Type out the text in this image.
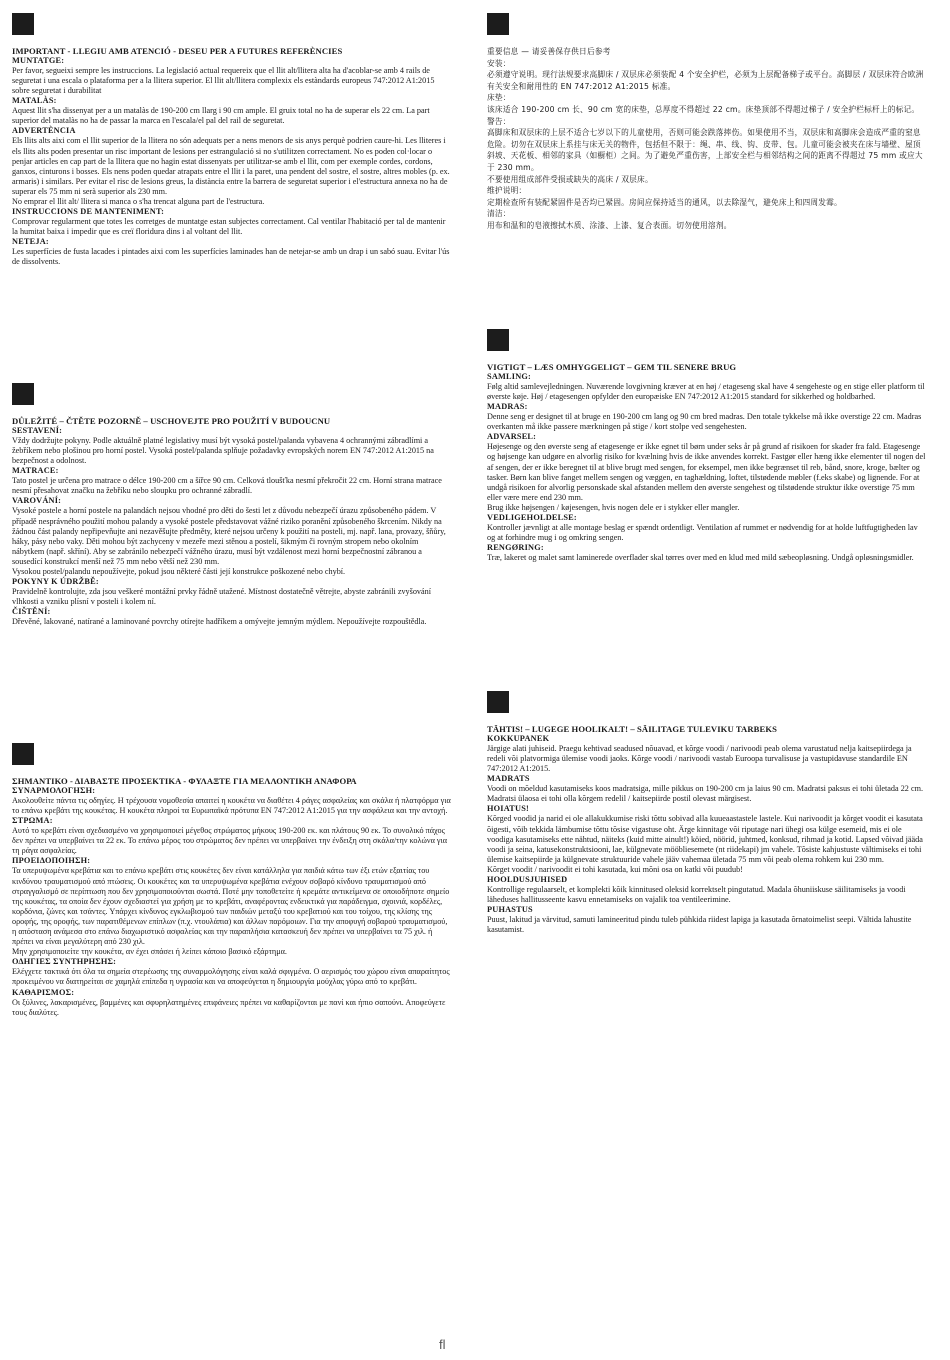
IMPORTANT - LLEGIU AMB ATENCIÓ - DESEU PER A FUTURES REFERÈNCIES
MUNTATGE:

Per favor, segueixi sempre les instruccions. La legislació actual requereix que el llit alt/llitera alta ha d'acoblar-se amb 4 rails de seguretat i una escala o plataforma per a la llitera superior. El llit alt/llitera complexix els estàndards europeus 747:2012 A1:2015 sobre seguretat i durabilitat

MATALÀS:

Aquest llit s'ha dissenyat per a un matalàs de 190-200 cm llarg i 90 cm ample. El gruix total no ha de superar els 22 cm. La part superior del matalàs no ha de passar la marca en l'escala/el pal del rail de seguretat.

ADVERTÈNCIA

Els llits alts aixi com el llit superior de la llitera no són adequats per a nens menors de sis anys perquè podrien caure-hi. Les lliteres i els llits alts poden presentar un risc important de lesions per estrangulació si no s'utilitzen correctament. No es poden col·locar o penjar articles en cap part de la llitera que no hagin estat dissenyats per utilitzar-se amb el llit, com per exemple cordes, cordons, ganxos, cinturons i bosses. Els nens poden quedar atrapats entre el llit i la paret, una pendent del sostre, el sostre, altres mobles (p. ex. armaris) i similars. Per evitar el risc de lesions greus, la distància entre la barrera de seguretat superior i el'estructura annexa no ha de superar els 75 mm ni serà superior als 230 mm.

No emprar el llit alt/ llitera si manca o s'ha trencat alguna part de l'estructura.

INSTRUCCIONS DE MANTENIMENT:

Comprovar regularment que totes les corretges de muntatge estan subjectes correctament. Cal ventilar l'habitació per tal de mantenir la humitat baixa i impedir que es creï floridura dins i al voltant del llit.

NETEJA:

Les superfícies de fusta lacades i pintades aixi com les superfícies laminades han de netejar-se amb un drap i un sabó suau. Evitar l'ús de dissolvents.

DŮLEŽITÉ – ČTĚTE POZORNĚ – USCHOVEJTE PRO POUŽITÍ V BUDOUCNU
SESTAVENÍ:

Vždy dodržujte pokyny. Podle aktuálně platné legislativy musí být vysoká postel/palanda vybavena 4 ochrannými zábradlími a žebříkem nebo plošinou pro horní postel. Vysoká postel/palanda splňuje požadavky evropských norem EN 747:2012 A1:2015 na bezpečnost a odolnost.

MATRACE:

Tato postel je určena pro matrace o délce 190-200 cm a šířce 90 cm. Celková tloušťka nesmí překročit 22 cm. Horní strana matrace nesmí přesahovat značku na žebříku nebo sloupku pro ochranné zábradlí.

VAROVÁNÍ:

Vysoké postele a horní postele na palandách nejsou vhodné pro děti do šesti let z důvodu nebezpečí úrazu způsobeného pádem. V případě nesprávného použití mohou palandy a vysoké postele představovat vážné riziko poranění způsobeného škrcením. Nikdy na žádnou část palandy nepřipevňujte ani nezavěšujte předměty, které nejsou určeny k použití na posteli, mj. např. lana, provazy, šňůry, háky, pásy nebo vaky. Děti mohou být zachyceny v mezeře mezi stěnou a postelí, šikmým či rovným stropem nebo okolním nábytkem (např. skříní). Aby se zabránilo nebezpečí vážného úrazu, musí být vzdálenost mezi horní bezpečnostní zábranou a sousedící konstrukcí menší než 75 mm nebo větší než 230 mm.

Vysokou postel/palandu nepoužívejte, pokud jsou některé části její konstrukce poškozené nebo chybí.

POKYNY K ÚDRŽBĚ:

Pravidelně kontrolujte, zda jsou veškeré montážní prvky řádně utažené. Místnost dostatečně větrejte, abyste zabránili zvyšování vlhkosti a vzniku plísní v posteli i kolem ní.

ČIŠTĚNÍ:

Dřevěné, lakované, natírané a laminované povrchy otírejte hadříkem a omývejte jemným mýdlem. Nepoužívejte rozpouštědla.

ΣΗΜΑΝΤΙΚΟ - ΔΙΑΒΑΣΤΕ ΠΡΟΣΕΚΤΙΚΑ - ΦΥΛΑΞΤΕ ΓΙΑ ΜΕΛΛΟΝΤΙΚΗ ΑΝΑΦΟΡΑ
ΣΥΝΑΡΜΟΛΟΓΗΣΗ:

Ακολουθείτε πάντα τις οδηγίες. Η τρέχουσα νομοθεσία απαιτεί η κουκέτα να διαθέτει 4 ράγες ασφαλείας και σκάλα ή πλατφόρμα για το επάνω κρεβάτι της κουκέτας. Η κουκέτα πληροί τα Ευρωπαϊκά πρότυπα EN 747:2012 A1:2015 για την ασφάλεια και την αντοχή.

ΣΤΡΩΜΑ:

Αυτό το κρεβάτι είναι σχεδιασμένο να χρησιμοποιεί μέγεθος στρώματος μήκους 190-200 εκ. και πλάτους 90 εκ. Το συνολικό πάχος δεν πρέπει να υπερβαίνει τα 22 εκ. Το επάνω μέρος του στρώματος δεν πρέπει να υπερβαίνει την ένδειξη στη σκάλα/την κολώνα για τη ράγα ασφαλείας.

ΠΡΟΕΙΔΟΠΟΙΗΣΗ:

Τα υπερυψωμένα κρεβάτια και το επάνω κρεβάτι στις κουκέτες δεν είναι κατάλληλα για παιδιά κάτω των έξι ετών εξαιτίας του κινδύνου τραυματισμού από πτώσεις. Οι κουκέτες και τα υπερυψωμένα κρεβάτια ενέχουν σοβαρό κίνδυνο τραυματισμού από στραγγαλισμό σε περίπτωση που δεν χρησιμοποιούνται σωστά. Ποτέ μην τοποθετείτε ή κρεμάτε αντικείμενα σε οποιοδήποτε σημείο της κουκέτας, τα οποία δεν έχουν σχεδιαστεί για χρήση με το κρεβάτι, αναφέροντας ενδεικτικά για παράδειγμα, σχοινιά, κορδέλες, κορδόνια, ζώνες και τσάντες. Υπάρχει κίνδυνος εγκλωβισμού των παιδιών μεταξύ του κρεβατιού και του τοίχου, της κλίσης της οροφής, της οροφής, των παρατιθέμενων επίπλων (π.χ. ντουλάπια) και άλλων παρόμοιων. Για την αποφυγή σοβαρού τραυματισμού, η απόσταση ανάμεσα στο επάνω διαχωριστικό ασφαλείας και την παραπλήσια κατασκευή δεν πρέπει να υπερβαίνει τα 75 χιλ. ή πρέπει να είναι μεγαλύτερη από 230 χιλ.

Μην χρησιμοποιείτε την κουκέτα, αν έχει σπάσει ή λείπει κάποιο βασικό εξάρτημα.

ΟΔΗΓΙΕΣ ΣΥΝΤΗΡΗΣΗΣ:

Ελέγχετε τακτικά ότι όλα τα σημεία στερέωσης της συναρμολόγησης είναι καλά σφιγμένα. Ο αερισμός του χώρου είναι απαραίτητος προκειμένου να διατηρείται σε χαμηλά επίπεδα η υγρασία και να αποφεύγεται η δημιουργία μούχλας γύρω από το κρεβάτι.

ΚΑΘΑΡΙΣΜΟΣ:

Οι ξύλινες, λακαρισμένες, βαμμένες και σφυρηλατημένες επιφάνειες πρέπει να καθαρίζονται με πανί και ήπιο σαπούνι. Αποφεύγετε τους διαλύτες.

重要信息 — 请妥善保存供日后参考
安装：

必须遵守说明。现行法规要求高脚床 / 双层床必须装配 4 个安全护栏，必须为上层配备梯子或平台。高脚层 / 双层床符合欧洲有关安全和耐用性的 EN 747:2012 A1:2015 标准。

床垫：

该床适合 190-200 cm 长、90 cm 宽的床垫，总厚度不得超过 22 cm。床垫顶部不得超过梯子 / 安全护栏标杆上的标记。

警告：

高脚床和双层床的上层不适合七岁以下的儿童使用，否则可能会跌落摔伤。如果使用不当，双层床和高脚床会造成严重的窒息危险。切勿在双层床上系挂与床无关的物件，包括但不限于：绳、串、线、钩、皮带、包。儿童可能会被夹在床与墙壁、屋顶斜坡、天花板、相邻的家具（如橱柜）之间。为了避免严重伤害，上部安全栏与相邻结构之间的距离不得超过 75 mm 或应大于 230 mm。

不要使用组成部件受损或缺失的高床 / 双层床。

维护说明：

定期检查所有装配紧固件是否均已紧固。房间应保持适当的通风，以去除湿气，避免床上和四周发霉。

清洁：

用布和温和的皂液擦拭木质、涂漆、上漆、复合表面。切勿使用溶剂。

VIGTIGT – LÆS OMHYGGELIGT – GEM TIL SENERE BRUG
SAMLING:

Følg altid samlevejledningen. Nuværende lovgivning kræver at en høj / etageseng skal have 4 sengeheste og en stige eller platform til øverste køje. Høj / etagesengen opfylder den europæiske EN 747:2012 A1:2015 standard for sikkerhed og holdbarhed.

MADRAS:

Denne seng er designet til at bruge en 190-200 cm lang og 90 cm bred madras. Den totale tykkelse må ikke overstige 22 cm. Madras overkanten må ikke passere mærkningen på stige / kort stolpe ved sengehesten.

ADVARSEL:

Højesenge og den øverste seng af etagesenge er ikke egnet til børn under seks år på grund af risikoen for skader fra fald. Etagesenge og højsenge kan udgøre en alvorlig risiko for kvælning hvis de ikke anvendes korrekt. Fastgør eller hæng ikke elementer til nogen del af sengen, der er ikke beregnet til at blive brugt med sengen, for eksempel, men ikke begrænset til reb, bånd, snore, kroge, bælter og tasker. Børn kan blive fanget mellem sengen og væggen, en taghældning, loftet, tilstødende møbler (f.eks skabe) og lignende. For at undgå risikoen for alvorlig personskade skal afstanden mellem den øverste sengehest og tilstødende struktur ikke overstige 75 mm eller være mere end 230 mm.

Brug ikke højsengen / køjesengen, hvis nogen dele er i stykker eller mangler.

VEDLIGEHOLDELSE:

Kontroller jævnligt at alle montage beslag er spændt ordentligt. Ventilation af rummet er nødvendig for at holde luftfugtigheden lav og at forhindre mug i og omkring sengen.

RENGØRING:

Træ, lakeret og malet samt laminerede overflader skal tørres over med en klud med mild sæbeopløsning. Undgå opløsningsmidler.

TÄHTIS! – LUGEGE HOOLIKALT! – SÄILITAGE TULEVIKU TARBEKS
KOKKUPANEK

Järgige alati juhiseid. Praegu kehtivad seadused nõuavad, et kõrge voodi / narivoodi peab olema varustatud nelja kaitsepiirdega ja redeli või platvormiga ülemise voodi jaoks. Kõrge voodi / narivoodi vastab Euroopa turvalisuse ja vastupidavuse standardile EN 747:2012 A1:2015.

MADRATS

Voodi on mõeldud kasutamiseks koos madratsiga, mille pikkus on 190-200 cm ja laius 90 cm. Madratsi paksus ei tohi ületada 22 cm. Madratsi ülaosa ei tohi olla kõrgem redelil / kaitsepiirde postil olevast märgisest.

HOIATUS!

Kõrged voodid ja narid ei ole allakukkumise riski tõttu sobivad alla kuueaastastele lastele. Kui narivoodit ja kõrget voodit ei kasutata õigesti, võib tekkida lämbumise tõttu tõsise vigastuse oht. Ärge kinnitage või riputage nari ühegi osa külge esemeid, mis ei ole voodiga kasutamiseks ette nähtud, näiteks (kuid mitte ainult!) köied, nöörid, juhtmed, konksud, rihmad ja kotid. Lapsed võivad jääda voodi ja seina, katusekonstruktsiooni, lae, külgnevate mööbliesemete (nt riidekapi) jm vahele. Tõsiste kahjustuste vältimiseks ei tohi ülemise kaitsepiirde ja külgnevate struktuuride vahele jääv vahemaa ületada 75 mm või peab olema rohkem kui 230 mm.

Kõrget voodit / narivoodit ei tohi kasutada, kui mõni osa on katki või puudub!

HOOLDUSJUHISED

Kontrollige regulaarselt, et komplekti kõik kinnitused oleksid korrektselt pingutatud. Madala õhuniiskuse säilitamiseks ja voodi läheduses hallitusseente kasvu ennetamiseks on vajalik toa ventileerimine.

PUHASTUS

Puust, lakitud ja värvitud, samuti lamineeritud pindu tuleb pühkida riidest lapiga ja kasutada õrnatoimelist seepi. Vältida lahustite kasutamist.

fl
